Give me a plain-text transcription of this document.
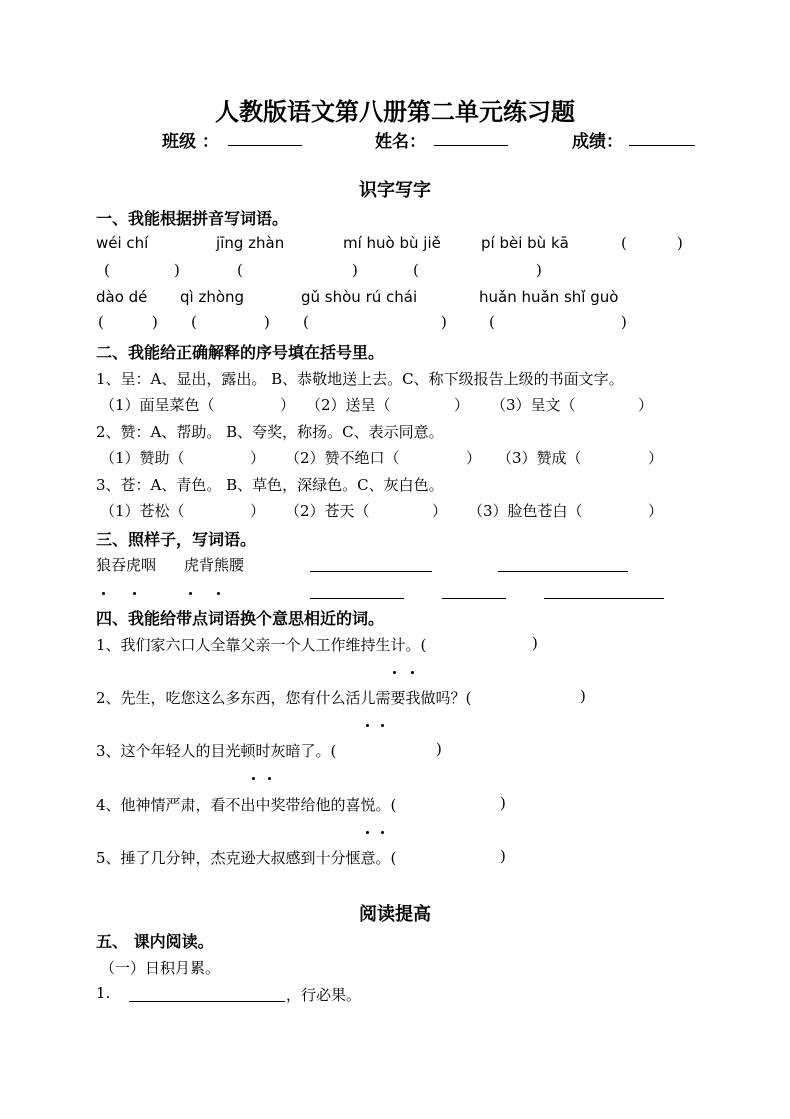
人教版语文第八册第二单元练习题
班级 ：	姓名：	成绩：
识字写字
一、我能根据拼音写词语。
wéi chí	jīng zhàn	mí huò bù jiě	pí bèi bù kā	(	)
(	)	(	)	(	)
dào dé qì zhòng	gǔ shòu rú chái	huǎn huǎn shǐ guò
(	) (	) (	)	(	)
二、我能给正确解释的序号填在括号里。
1、呈：A、显出，露出。 B、恭敬地送上去。C、称下级报告上级的书面文字。
（1）面呈菜色（	） （2）送呈（	） （3）呈文（	）
2、赞：A、帮助。 B、夸奖，称扬。C、表示同意。
（1）赞助（	） （2）赞不绝口（	） （3）赞成（	）
3、苍：A、青色。 B、草色，深绿色。C、灰白色。
（1）苍松（	） （2）苍天（	） （3）脸色苍白（	）
三、照样子，写词语。
狼吞虎咽 虎背熊腰
四、我能给带点词语换个意思相近的词。
1、我们家六口人全靠父亲一个人工作维持生计。(	)
2、先生，吃您这么多东西，您有什么活儿需要我做吗？(	)
3、这个年轻人的目光顿时灰暗了。(	)
4、他神情严肃，看不出中奖带给他的喜悦。(	)
5、捶了几分钟，杰克逊大叔感到十分惬意。(	)
阅读提高
五、 课内阅读。
（一）日积月累。
1.	，行必果。
